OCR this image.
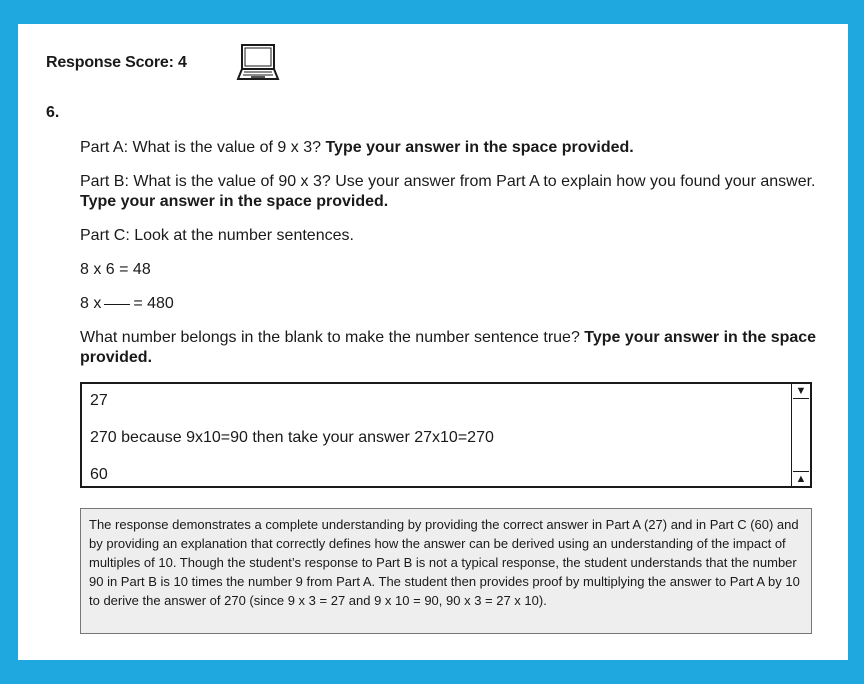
Response Score: 4
6.

Part A: What is the value of 9 x 3? Type your answer in the space provided.

Part B: What is the value of 90 x 3? Use your answer from Part A to explain how you found your answer. Type your answer in the space provided.

Part C: Look at the number sentences.

8 x 6 = 48

8 x = 480

What number belongs in the blank to make the number sentence true? Type your answer in the space provided.

27
270 because 9x10=90 then take your answer 27x10=270
60
▼
▲
The response demonstrates a complete understanding by providing the correct answer in Part A (27) and in Part C (60) and by providing an explanation that correctly defines how the answer can be derived using an understanding of the impact of multiples of 10. Though the student’s response to Part B is not a typical response, the student understands that the number 90 in Part B is 10 times the number 9 from Part A. The student then provides proof by multiplying the answer to Part A by 10 to derive the answer of 270 (since 9 x 3 = 27 and 9 x 10 = 90, 90 x 3 = 27 x 10).
